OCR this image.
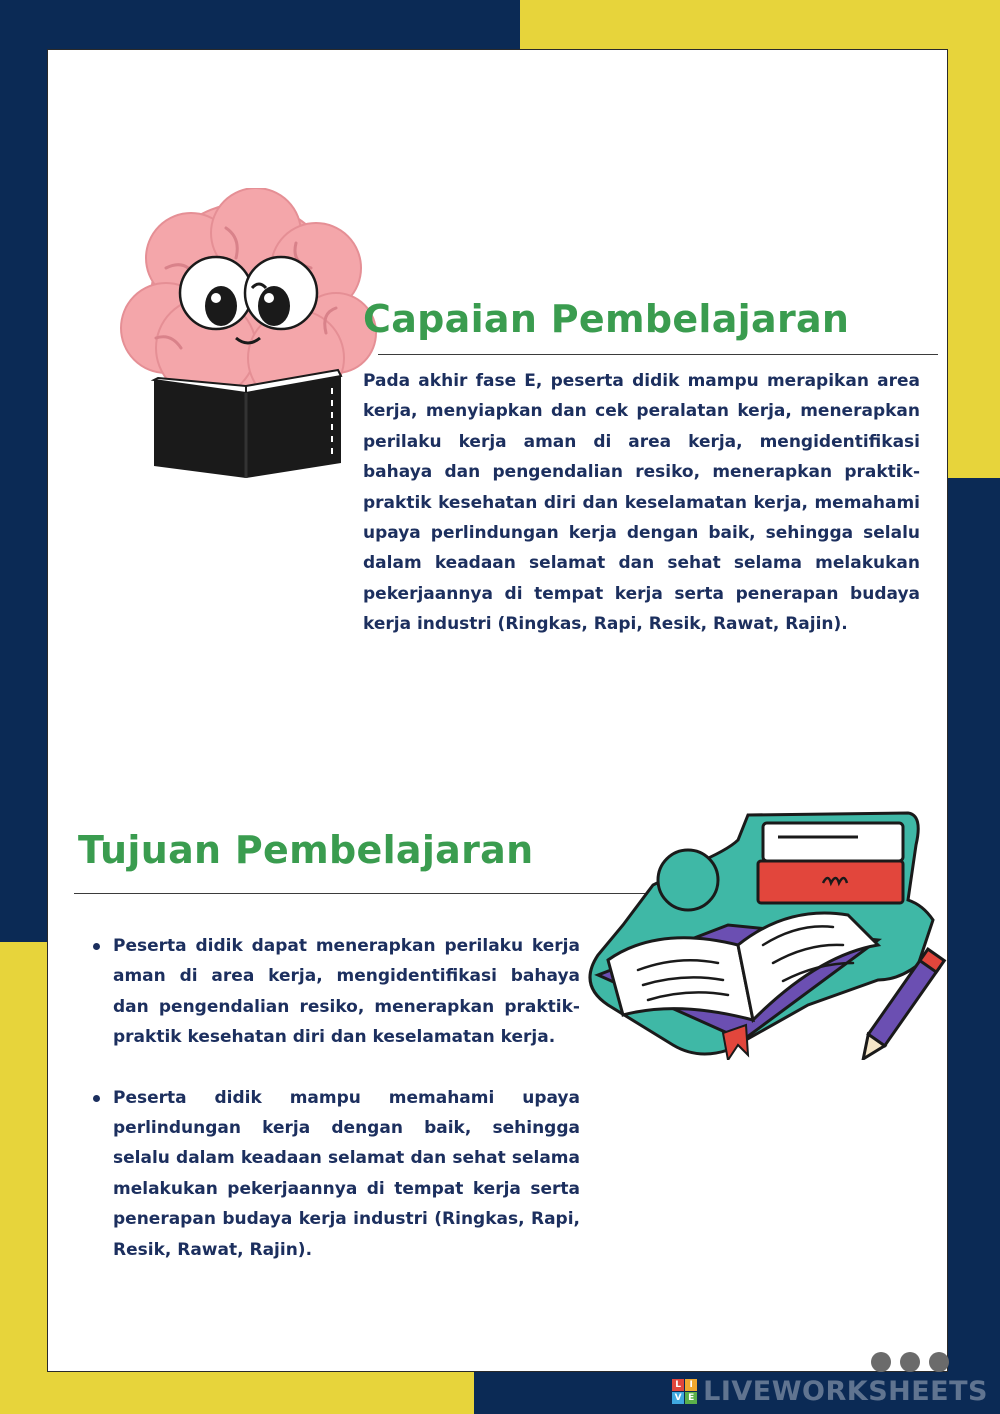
Capaian Pembelajaran

Pada akhir fase E, peserta didik mampu merapikan area kerja, menyiapkan dan cek peralatan kerja, menerapkan perilaku kerja aman di area kerja, mengidentifikasi bahaya dan pengendalian resiko, menerapkan praktik-praktik kesehatan diri dan keselamatan kerja, memahami upaya perlindungan kerja dengan baik, sehingga selalu dalam keadaan selamat dan sehat selama melakukan pekerjaannya di tempat kerja serta penerapan budaya kerja industri (Ringkas, Rapi, Resik, Rawat, Rajin).

Tujuan Pembelajaran
Peserta didik dapat menerapkan perilaku kerja aman di area kerja, mengidentifikasi bahaya dan pengendalian resiko, menerapkan praktik-praktik kesehatan diri dan keselamatan kerja.
Peserta didik mampu memahami upaya perlindungan kerja dengan baik, sehingga selalu dalam keadaan selamat dan sehat selama melakukan pekerjaannya di tempat kerja serta penerapan budaya kerja industri (Ringkas, Rapi, Resik, Rawat, Rajin).
L I
V E LIVEWORKSHEETS
